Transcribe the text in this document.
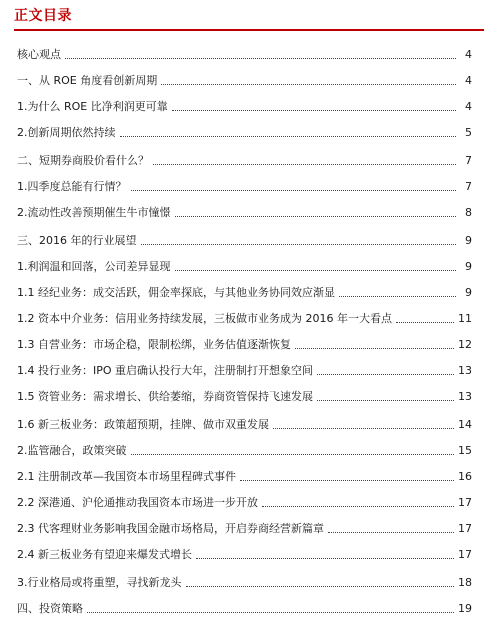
正文目录
核心观点	4
一、从 ROE 角度看创新周期	4
1.为什么 ROE 比净利润更可靠	4
2.创新周期依然持续	5
二、短期券商股价看什么？	7
1.四季度总能有行情？	7
2.流动性改善预期催生牛市憧憬	8
三、2016 年的行业展望	9
1.利润温和回落，公司差异显现	9
1.1 经纪业务：成交活跃，佣金率探底，与其他业务协同效应渐显	9
1.2 资本中介业务：信用业务持续发展，三板做市业务成为 2016 年一大看点	11
1.3 自营业务：市场企稳，限制松绑，业务估值逐渐恢复	12
1.4 投行业务：IPO 重启确认投行大年，注册制打开想象空间	13
1.5 资管业务：需求增长、供给萎缩，券商资管保持飞速发展	13
1.6 新三板业务：政策超预期，挂牌、做市双重发展	14
2.监管融合，政策突破	15
2.1 注册制改革—我国资本市场里程碑式事件	16
2.2 深港通、沪伦通推动我国资本市场进一步开放	17
2.3 代客理财业务影响我国金融市场格局，开启券商经营新篇章	17
2.4 新三板业务有望迎来爆发式增长	17
3.行业格局或将重塑，寻找新龙头	18
四、投资策略	19
